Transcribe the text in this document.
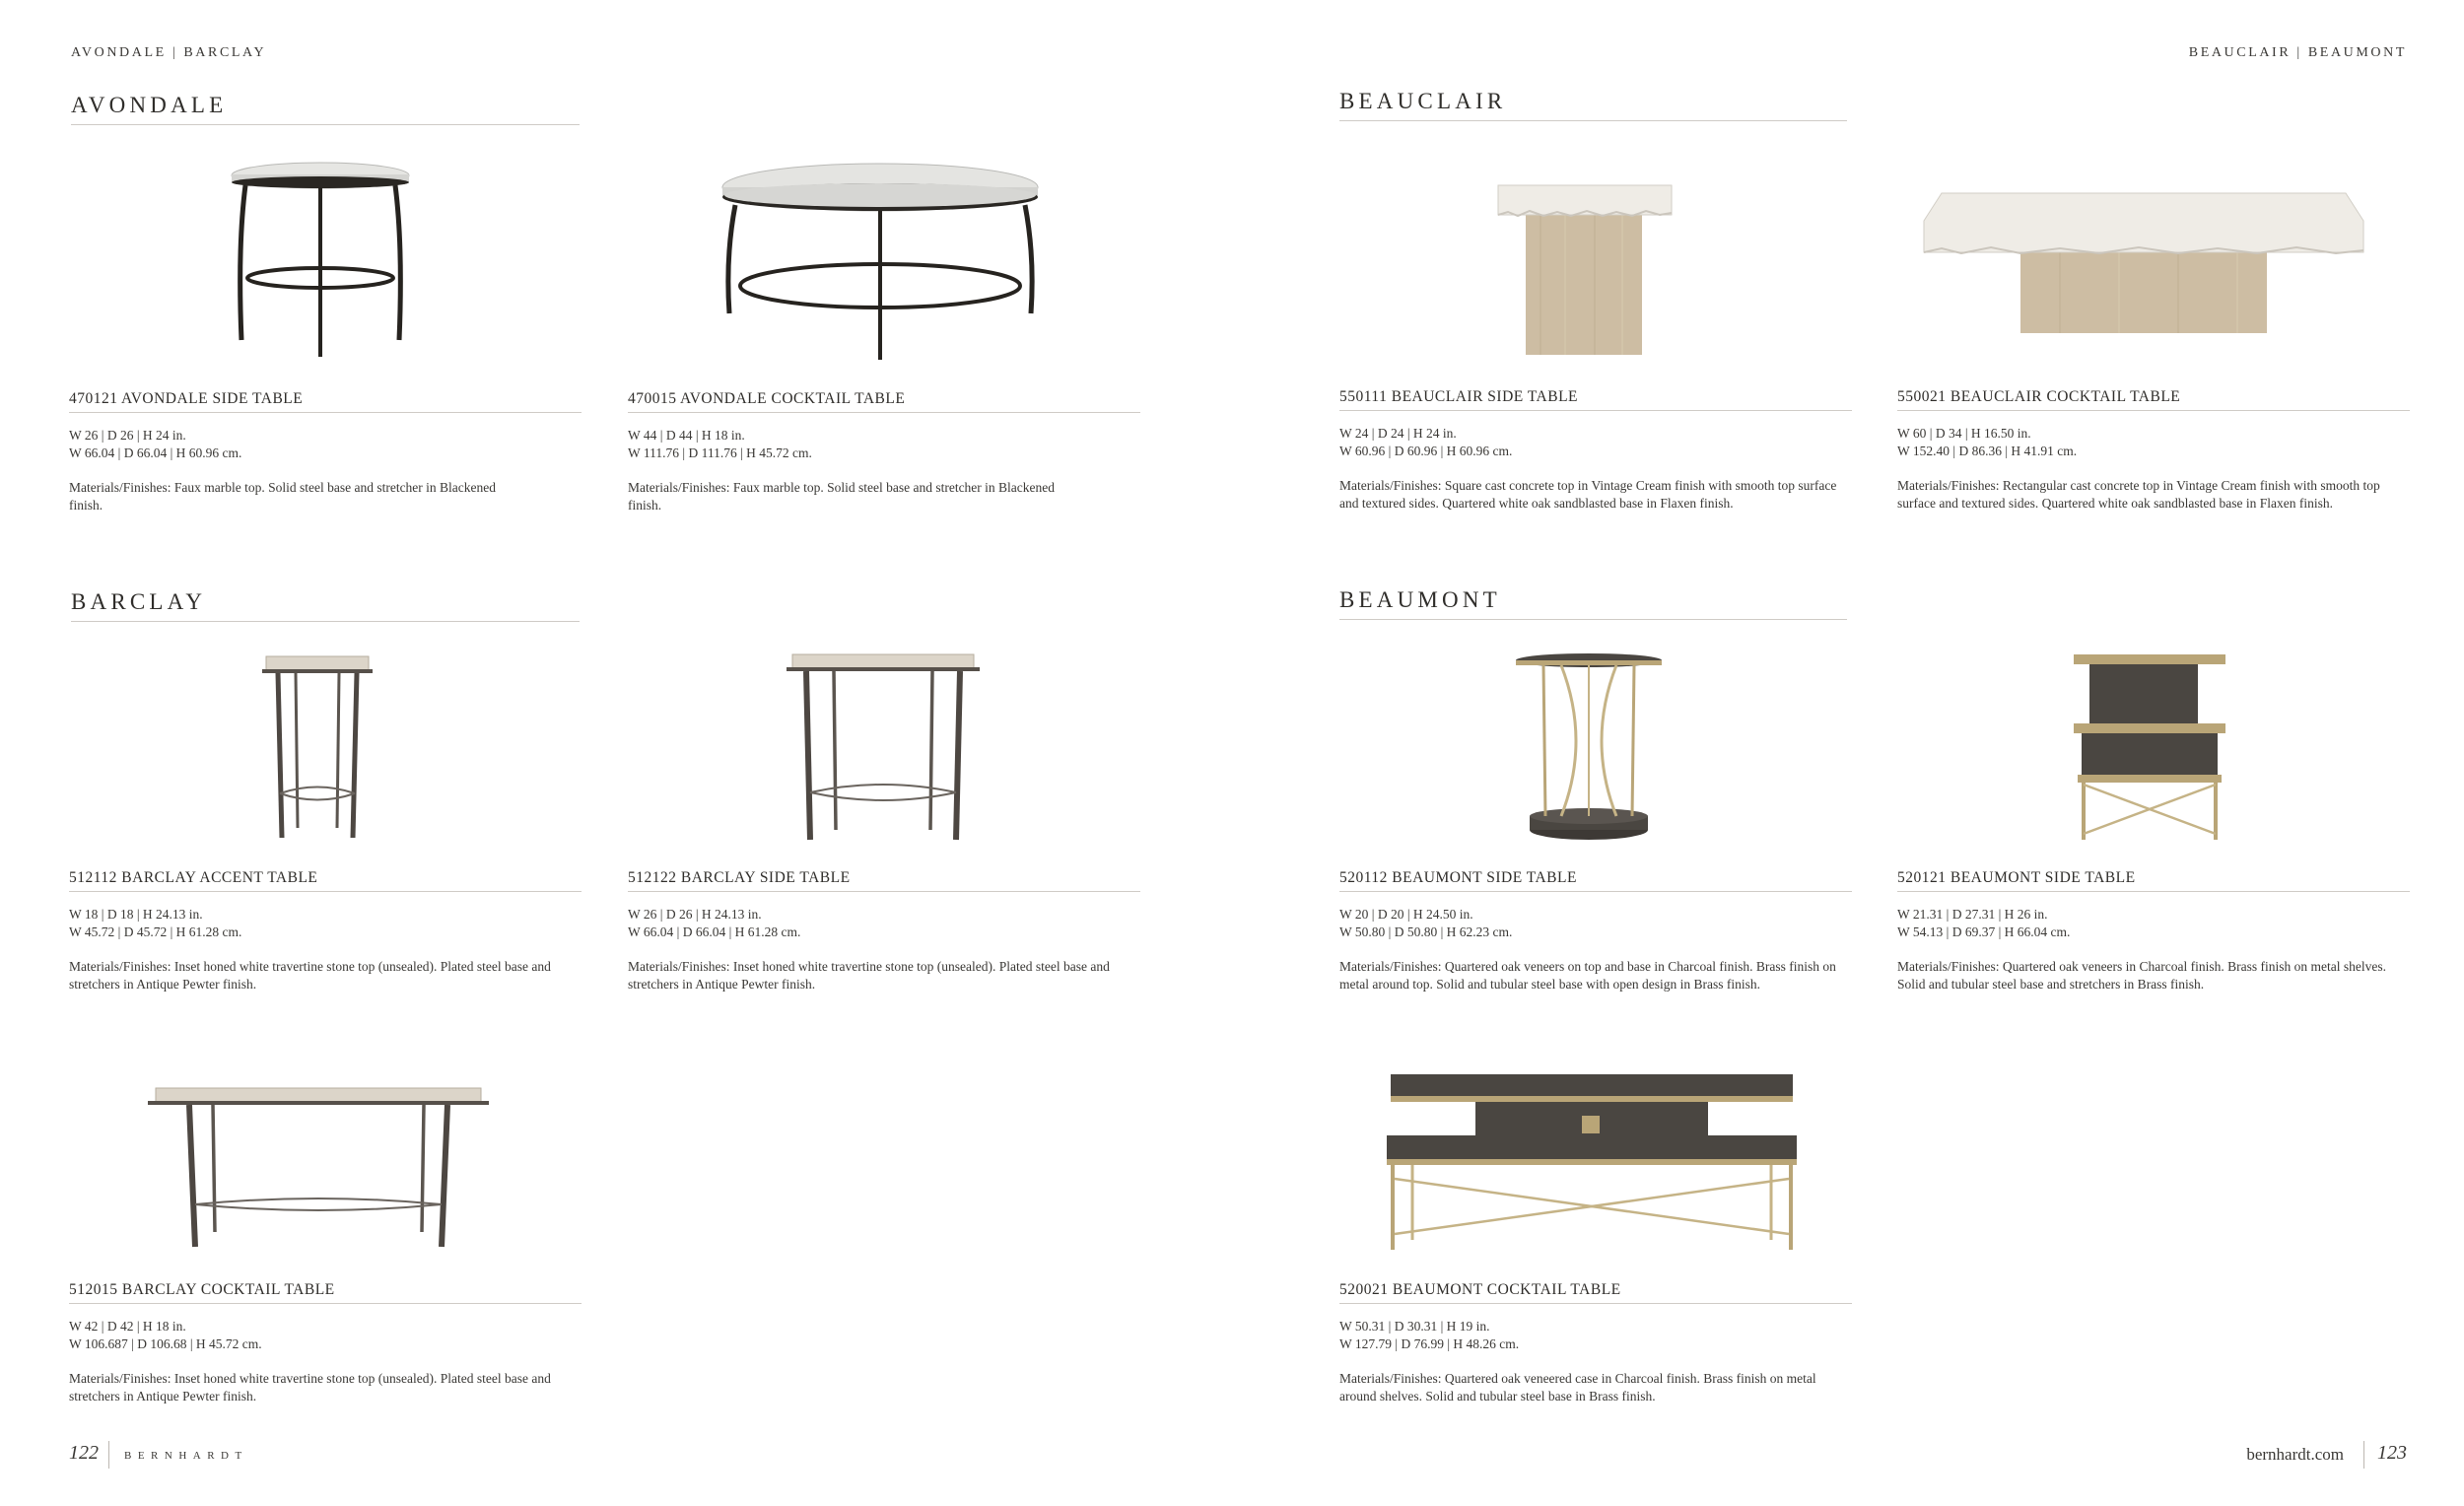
AVONDALE | BARCLAY
AVONDALE
470121 AVONDALE SIDE TABLE
W 26 | D 26 | H 24 in.
W 66.04 | D 66.04 | H 60.96 cm.
Materials/Finishes: Faux marble top. Solid steel base and stretcher in Blackened finish.
470015 AVONDALE COCKTAIL TABLE
W 44 | D 44 | H 18 in.
W 111.76 | D 111.76 | H 45.72 cm.
Materials/Finishes: Faux marble top. Solid steel base and stretcher in Blackened finish.
BARCLAY
512112 BARCLAY ACCENT TABLE
W 18 | D 18 | H 24.13 in.
W 45.72 | D 45.72 | H 61.28 cm.
Materials/Finishes: Inset honed white travertine stone top (unsealed). Plated steel base and stretchers in Antique Pewter finish.
512122 BARCLAY SIDE TABLE
W 26 | D 26 | H 24.13 in.
W 66.04 | D 66.04 | H 61.28 cm.
Materials/Finishes: Inset honed white travertine stone top (unsealed). Plated steel base and stretchers in Antique Pewter finish.
512015 BARCLAY COCKTAIL TABLE
W 42 | D 42 | H 18 in.
W 106.687 | D 106.68 | H 45.72 cm.
Materials/Finishes: Inset honed white travertine stone top (unsealed). Plated steel base and stretchers in Antique Pewter finish.
122 BERNHARDT
BEAUCLAIR | BEAUMONT
BEAUCLAIR
550111 BEAUCLAIR SIDE TABLE
W 24 | D 24 | H 24 in.
W 60.96 | D 60.96 | H 60.96 cm.
Materials/Finishes: Square cast concrete top in Vintage Cream finish with smooth top surface and textured sides. Quartered white oak sandblasted base in Flaxen finish.
550021 BEAUCLAIR COCKTAIL TABLE
W 60 | D 34 | H 16.50 in.
W 152.40 | D 86.36 | H 41.91 cm.
Materials/Finishes: Rectangular cast concrete top in Vintage Cream finish with smooth top surface and textured sides. Quartered white oak sandblasted base in Flaxen finish.
BEAUMONT
520112 BEAUMONT SIDE TABLE
W 20 | D 20 | H 24.50 in.
W 50.80 | D 50.80 | H 62.23 cm.
Materials/Finishes: Quartered oak veneers on top and base in Charcoal finish. Brass finish on metal around top. Solid and tubular steel base with open design in Brass finish.
520121 BEAUMONT SIDE TABLE
W 21.31 | D 27.31 | H 26 in.
W 54.13 | D 69.37 | H 66.04 cm.
Materials/Finishes: Quartered oak veneers in Charcoal finish. Brass finish on metal shelves. Solid and tubular steel base and stretchers in Brass finish.
520021 BEAUMONT COCKTAIL TABLE
W 50.31 | D 30.31 | H 19 in.
W 127.79 | D 76.99 | H 48.26 cm.
Materials/Finishes: Quartered oak veneered case in Charcoal finish. Brass finish on metal around shelves. Solid and tubular steel base in Brass finish.
bernhardt.com 123
